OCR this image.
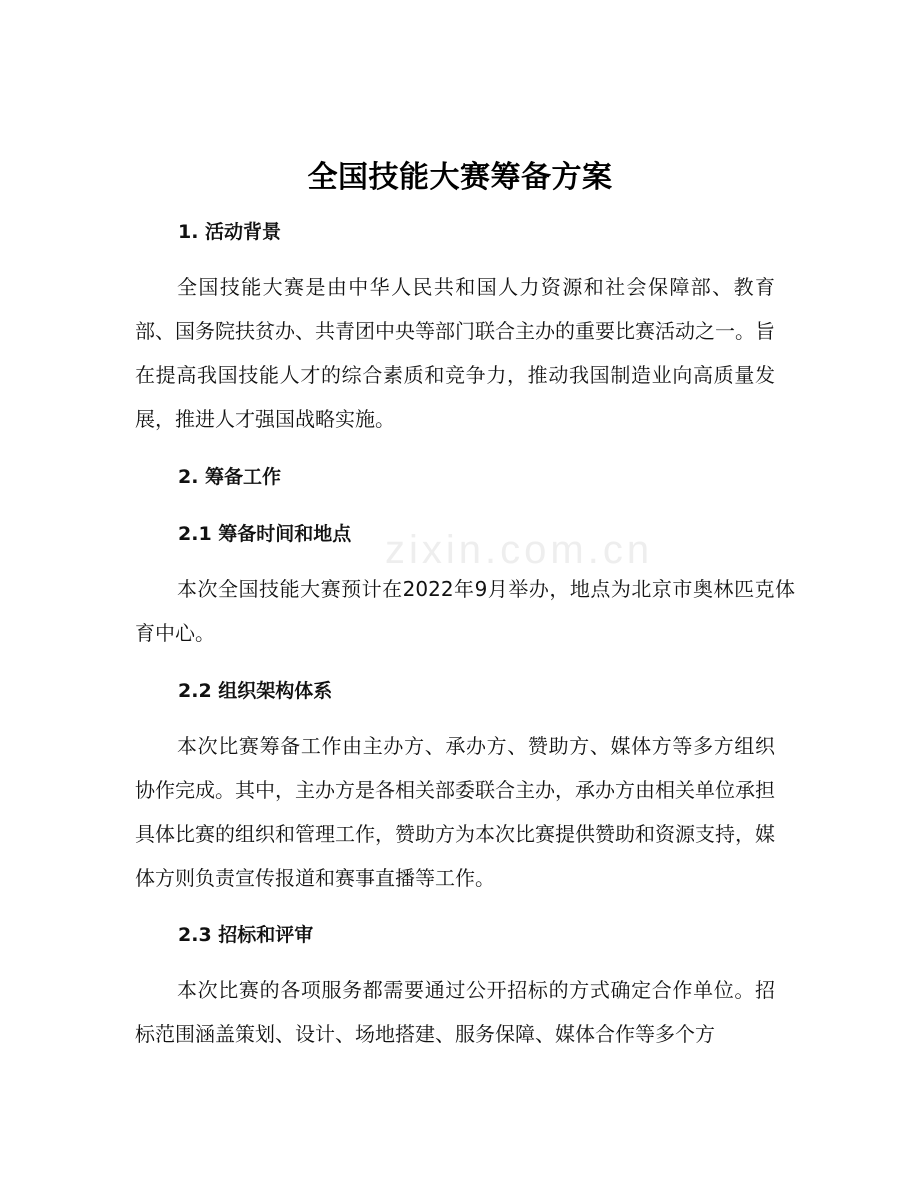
zixin.com.cn
全国技能大赛筹备方案
1. 活动背景
全国技能大赛是由中华人民共和国人力资源和社会保障部、教育部、国务院扶贫办、共青团中央等部门联合主办的重要比赛活动之一。旨在提高我国技能人才的综合素质和竞争力，推动我国制造业向高质量发展，推进人才强国战略实施。
2. 筹备工作
2.1 筹备时间和地点
本次全国技能大赛预计在2022年9月举办，地点为北京市奥林匹克体育中心。
2.2 组织架构体系
本次比赛筹备工作由主办方、承办方、赞助方、媒体方等多方组织协作完成。其中，主办方是各相关部委联合主办，承办方由相关单位承担具体比赛的组织和管理工作，赞助方为本次比赛提供赞助和资源支持，媒体方则负责宣传报道和赛事直播等工作。
2.3 招标和评审
本次比赛的各项服务都需要通过公开招标的方式确定合作单位。招标范围涵盖策划、设计、场地搭建、服务保障、媒体合作等多个方
